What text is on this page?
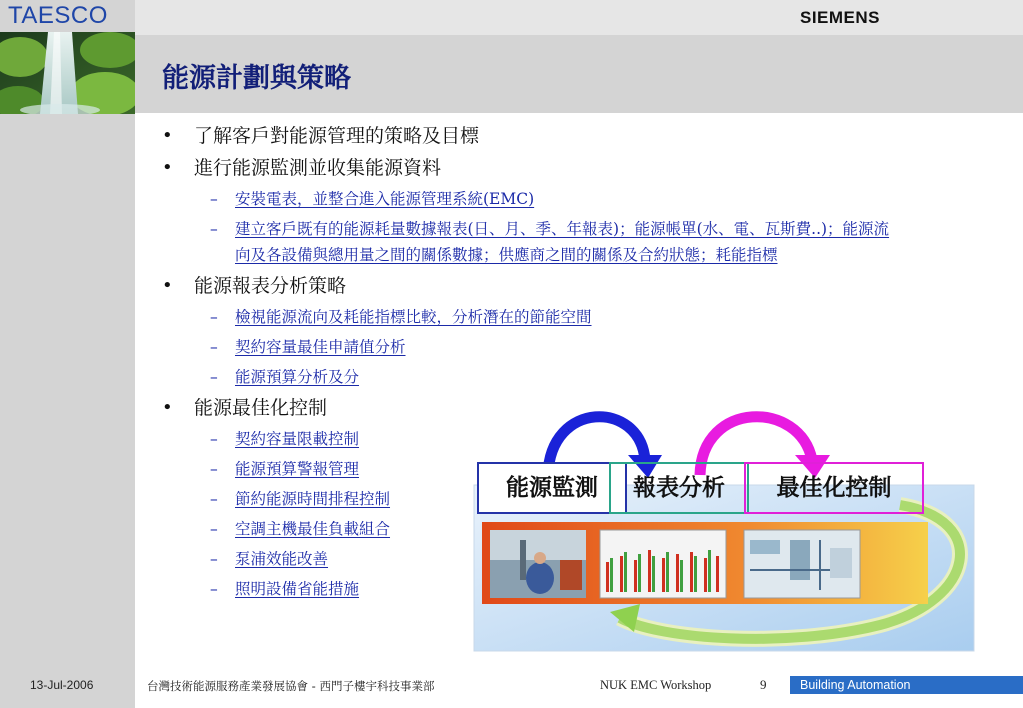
TAESCO	SIEMENS
能源計劃與策略
• 了解客戶對能源管理的策略及目標
• 進行能源監測並收集能源資料
– 安裝電表，並整合進入能源管理系統(EMC)
– 建立客戶既有的能源耗量數據報表(日、月、季、年報表)；能源帳單(水、電、瓦斯費..)；能源流向及各設備與總用量之間的關係數據；供應商之間的關係及合約狀態；耗能指標
• 能源報表分析策略
– 檢視能源流向及耗能指標比較，分析潛在的節能空間
– 契約容量最佳申請值分析
– 能源預算分析及分
• 能源最佳化控制
– 契約容量限載控制
– 能源預算警報管理
– 節約能源時間排程控制
– 空調主機最佳負載組合
– 泵浦效能改善
– 照明設備省能措施
能源監測	報表分析	最佳化控制
13-Jul-2006	台灣技術能源服務產業發展協會 - 西門子樓宇科技事業部	NUK EMC Workshop	9	Building Automation
